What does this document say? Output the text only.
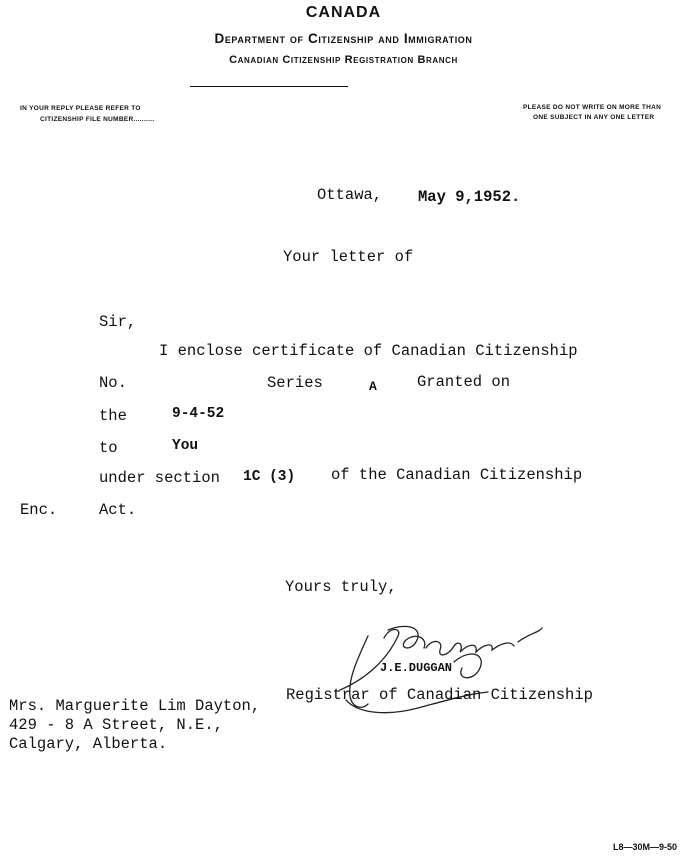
CANADA
Department of Citizenship and Immigration
Canadian Citizenship Registration Branch
IN YOUR REPLY PLEASE REFER TO
CITIZENSHIP FILE NUMBER..........
PLEASE DO NOT WRITE ON MORE THAN
ONE SUBJECT IN ANY ONE LETTER
Ottawa, May 9,1952.
Your letter of
Sir,
I enclose certificate of Canadian Citizenship
No.	Series	A	Granted on
the	9-4-52
to	You
under section 1C (3) of the Canadian Citizenship
Enc.	Act.
Yours truly,
J.E.DUGGAN
Registrar of Canadian Citizenship
Mrs. Marguerite Lim Dayton,
429 - 8 A Street, N.E.,
Calgary, Alberta.
L8—30M—9-50
